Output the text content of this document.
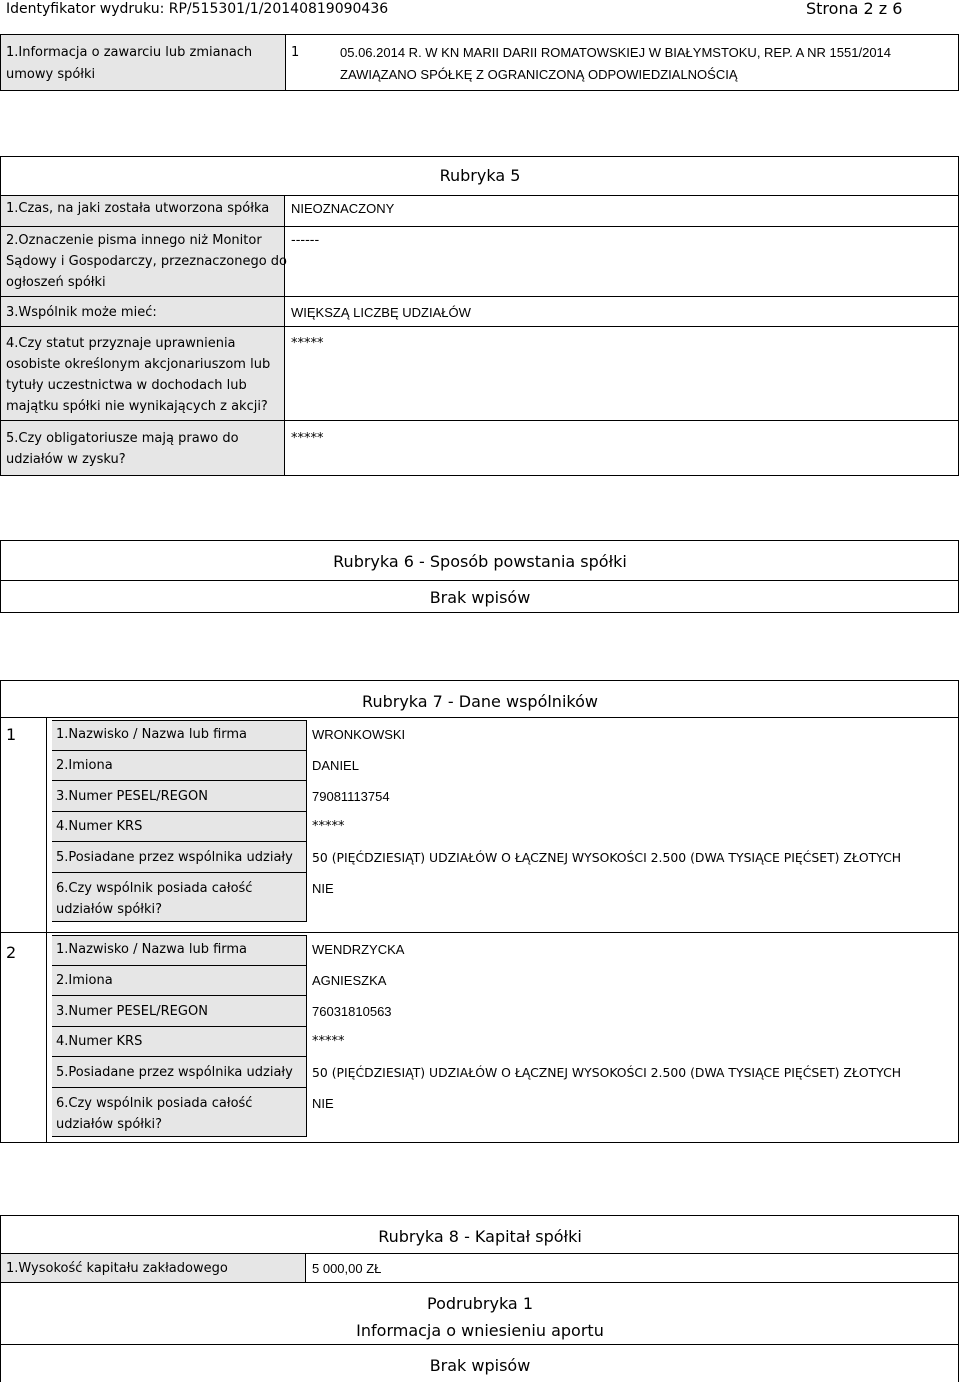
Identyfikator wydruku: RP/515301/1/20140819090436	Strona 2 z 6
1.Informacja o zawarciu lub zmianach
umowy spółki
1	05.06.2014 R. W KN MARII DARII ROMATOWSKIEJ W BIAŁYMSTOKU, REP. A NR 1551/2014
ZAWIĄZANO SPÓŁKĘ Z OGRANICZONĄ ODPOWIEDZIALNOŚCIĄ
Rubryka 5
1.Czas, na jaki została utworzona spółka NIEOZNACZONY
2.Oznaczenie pisma innego niż Monitor
Sądowy i Gospodarczy, przeznaczonego do
ogłoszeń spółki
------
3.Wspólnik może mieć:	WIĘKSZĄ LICZBĘ UDZIAŁÓW
4.Czy statut przyznaje uprawnienia
osobiste określonym akcjonariuszom lub
tytuły uczestnictwa w dochodach lub
majątku spółki nie wynikających z akcji?
*****
5.Czy obligatoriusze mają prawo do
udziałów w zysku?
*****
Rubryka 6 - Sposób powstania spółki
Brak wpisów
Rubryka 7 - Dane wspólników
1	1.Nazwisko / Nazwa lub firma	WRONKOWSKI
2.Imiona	DANIEL
3.Numer PESEL/REGON	79081113754
4.Numer KRS	*****
5.Posiadane przez wspólnika udziały 50 (PIĘĆDZIESIĄT) UDZIAŁÓW O ŁĄCZNEJ WYSOKOŚCI 2.500 (DWA TYSIĄCE PIĘĆSET) ZŁOTYCH
6.Czy wspólnik posiada całość
udziałów spółki?
NIE
2	1.Nazwisko / Nazwa lub firma	WENDRZYCKA
2.Imiona	AGNIESZKA
3.Numer PESEL/REGON	76031810563
4.Numer KRS	*****
5.Posiadane przez wspólnika udziały 50 (PIĘĆDZIESIĄT) UDZIAŁÓW O ŁĄCZNEJ WYSOKOŚCI 2.500 (DWA TYSIĄCE PIĘĆSET) ZŁOTYCH
6.Czy wspólnik posiada całość
udziałów spółki?
NIE
Rubryka 8 - Kapitał spółki
1.Wysokość kapitału zakładowego	5 000,00 ZŁ
Podrubryka 1
Informacja o wniesieniu aportu
Brak wpisów
